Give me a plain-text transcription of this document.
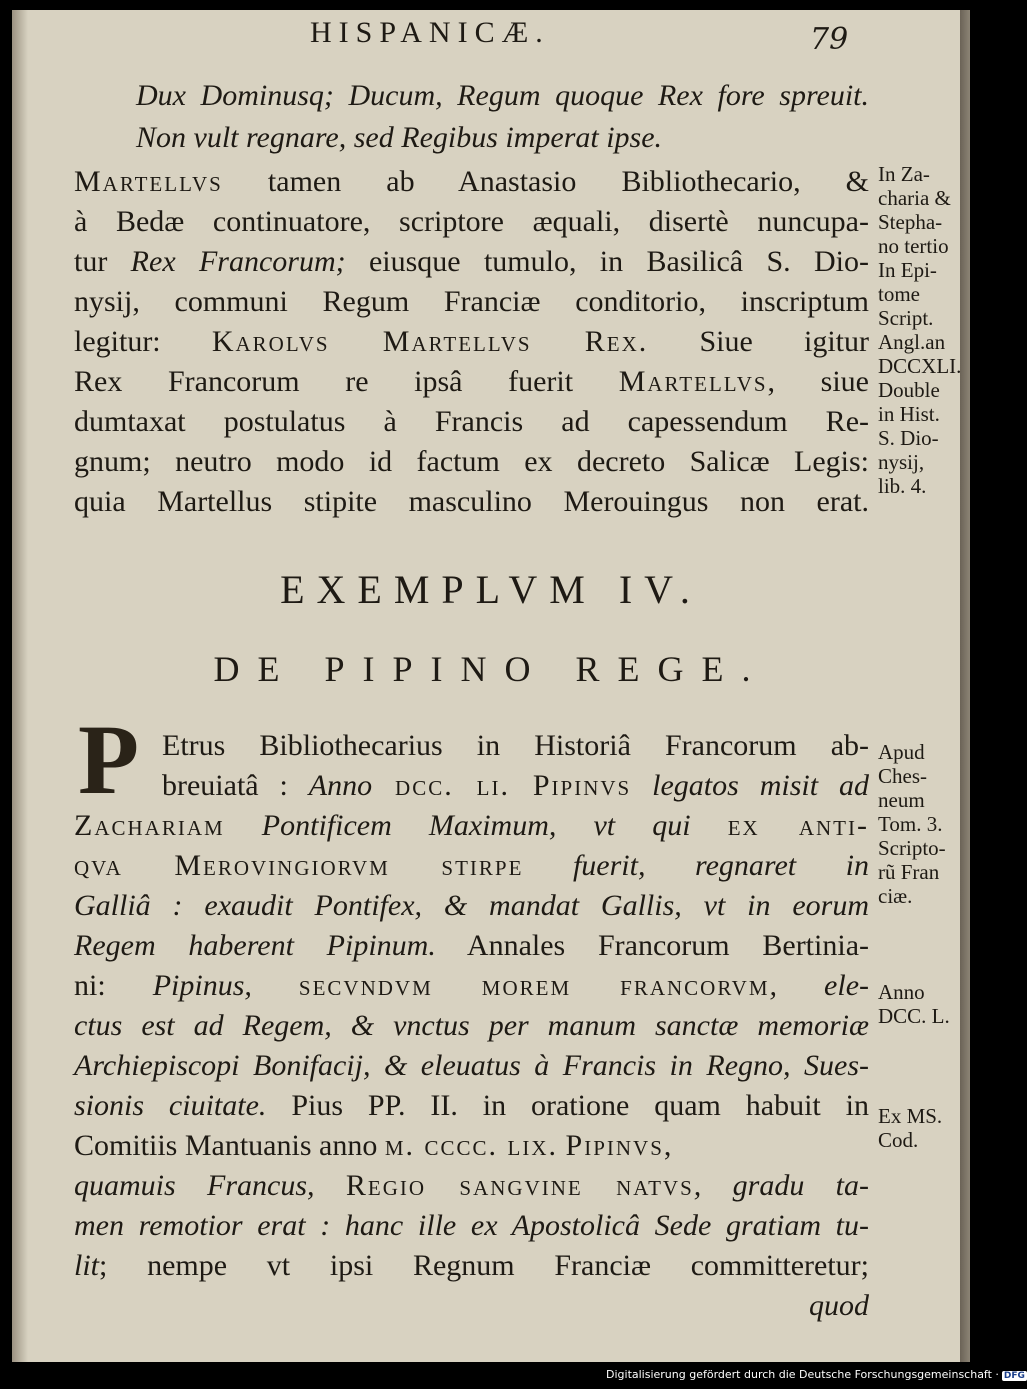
HISPANICÆ.	79
Dux Dominusq; Ducum, Regum quoque Rex fore spreuit.
Non vult regnare, sed Regibus imperat ipse.
Martellvs tamen ab Anastasio Bibliothecario, &
à Bedæ continuatore, scriptore æquali, disertè nuncupa-
tur Rex Francorum; eiusque tumulo, in Basilicâ S. Dio-
nysij, communi Regum Franciæ conditorio, inscriptum
legitur: Karolvs Martellvs Rex. Siue igitur
Rex Francorum re ipsâ fuerit Martellvs, siue
dumtaxat postulatus à Francis ad capessendum Re-
gnum; neutro modo id factum ex decreto Salicæ Legis:
quia Martellus stipite masculino Merouingus non erat.
EXEMPLVM IV.
DE PIPINO REGE.
P Etrus Bibliothecarius in Historiâ Francorum ab-
breuiatâ : Anno dcc. li. Pipinvs legatos misit ad
Zachariam Pontificem Maximum, vt qui ex anti-
qva Merovingiorvm stirpe fuerit, regnaret in
Galliâ : exaudit Pontifex, & mandat Gallis, vt in eorum
Regem haberent Pipinum. Annales Francorum Bertinia-
ni: Pipinus, secvndvm morem francorvm, ele-
ctus est ad Regem, & vnctus per manum sanctæ memoriæ
Archiepiscopi Bonifacij, & eleuatus à Francis in Regno, Sues-
sionis ciuitate. Pius PP. II. in oratione quam habuit in
Comitiis Mantuanis anno m. cccc. lix. Pipinvs,
quamuis Francus, Regio sangvine natvs, gradu ta-
men remotior erat : hanc ille ex Apostolicâ Sede gratiam tu-
lit; nempe vt ipsi Regnum Franciæ committeretur;
quod
In Za-
charia &
Stepha-
no tertio
In Epi-
tome
Script.
Angl.an
DCCXLI.
Double
in Hist.
S. Dio-
nysij,
lib. 4.
Apud
Ches-
neum
Tom. 3.
Scripto-
rũ Fran
ciæ.
Anno
DCC. L.
Ex MS.
Cod.
Digitalisierung gefördert durch die Deutsche Forschungsgemeinschaft · DFG
